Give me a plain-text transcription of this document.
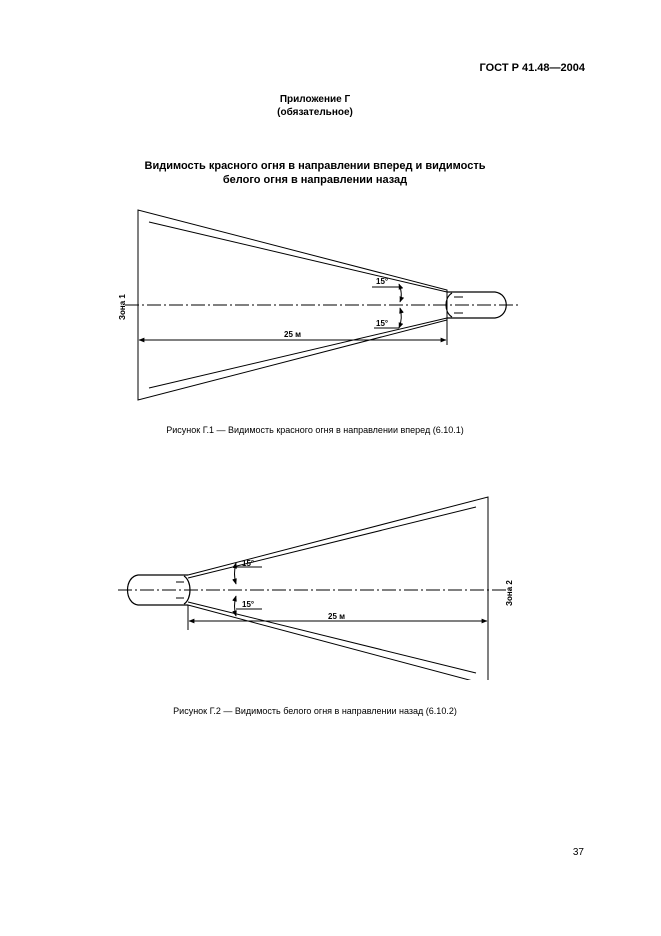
ГОСТ Р 41.48—2004
Приложение Г
(обязательное)
Видимость красного огня в направлении вперед и видимость
белого огня в направлении назад
15°
15°
25 м
Зона 1
Рисунок Г.1 — Видимость красного огня в направлении вперед (6.10.1)
15°
15°
25 м
Зона 2
Рисунок Г.2 — Видимость белого огня в направлении назад (6.10.2)
37
